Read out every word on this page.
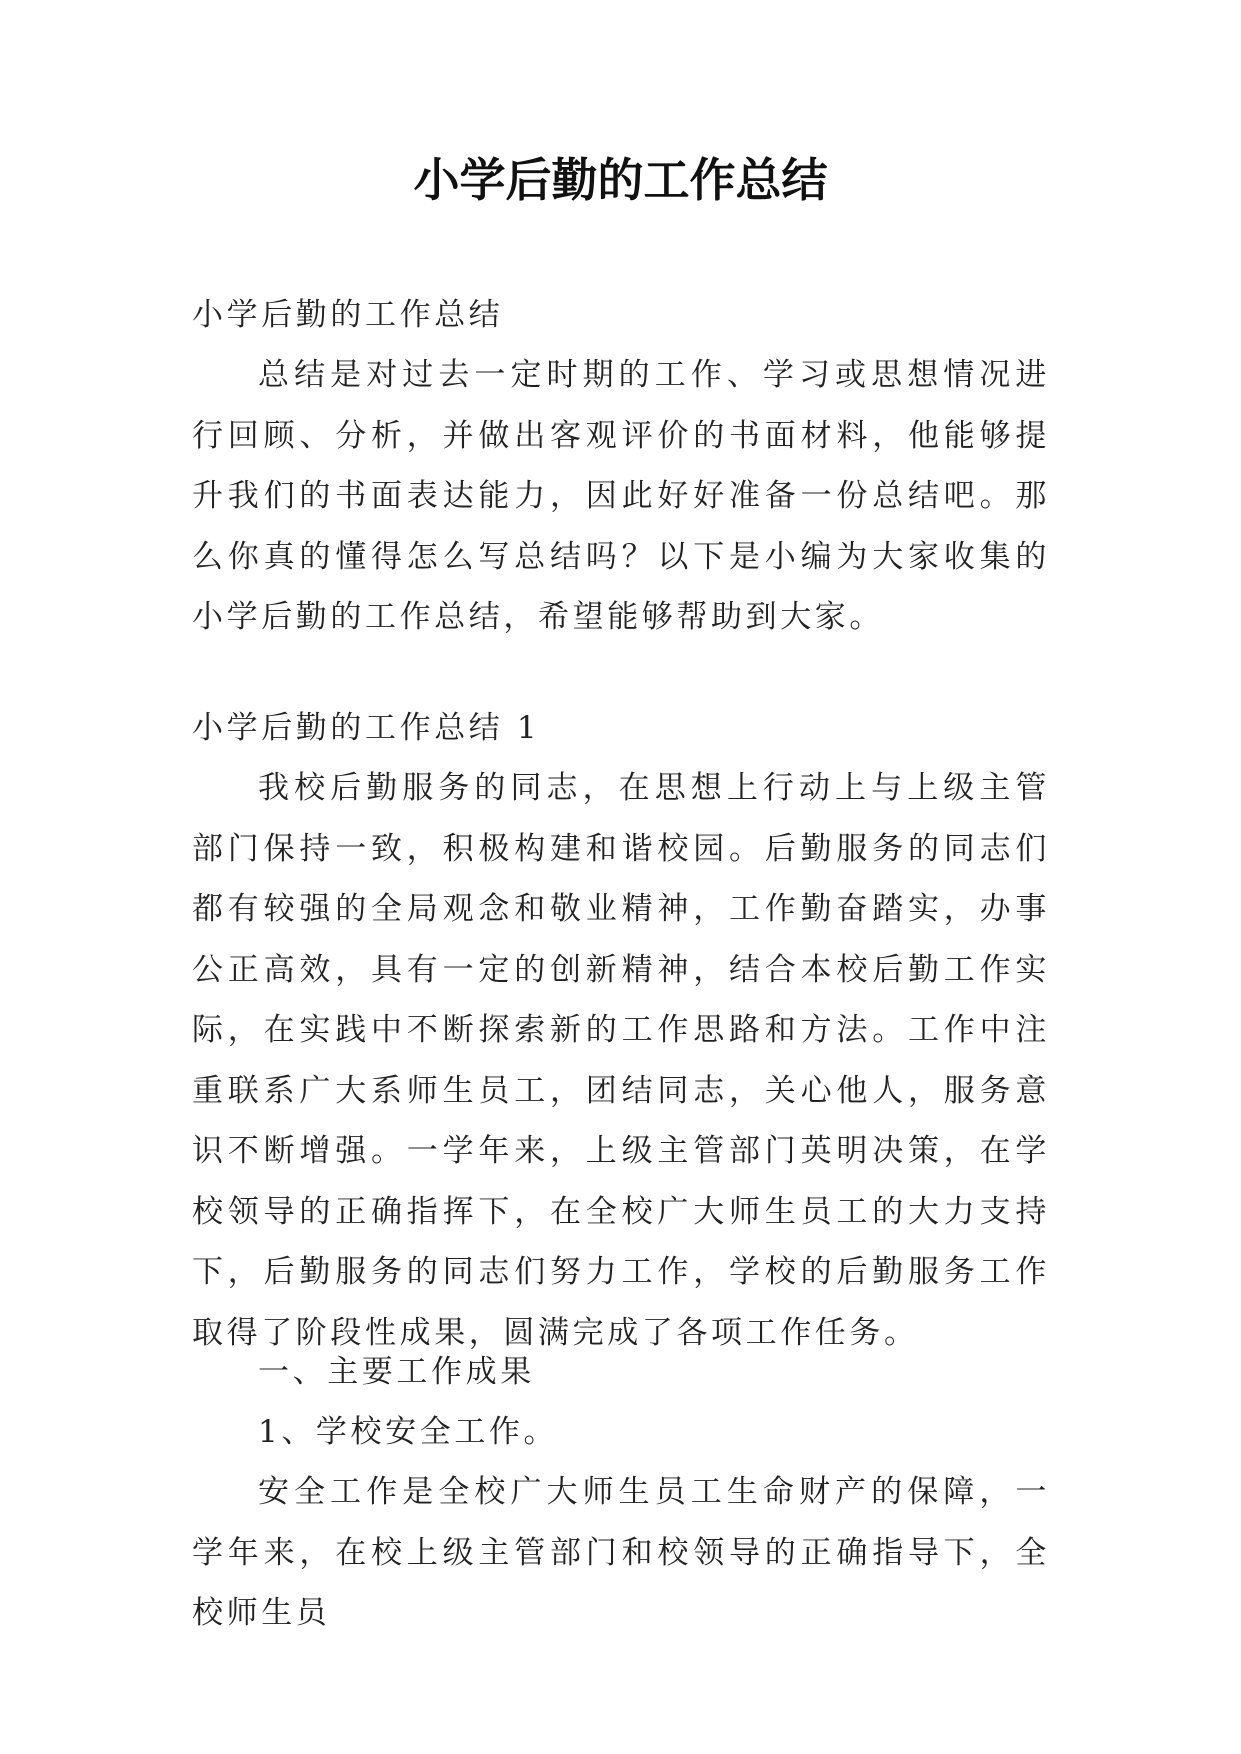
小学后勤的工作总结

小学后勤的工作总结

总结是对过去一定时期的工作、学习或思想情况进行回顾、分析，并做出客观评价的书面材料，他能够提升我们的书面表达能力，因此好好准备一份总结吧。那么你真的懂得怎么写总结吗？以下是小编为大家收集的小学后勤的工作总结，希望能够帮助到大家。

小学后勤的工作总结 1

我校后勤服务的同志，在思想上行动上与上级主管部门保持一致，积极构建和谐校园。后勤服务的同志们都有较强的全局观念和敬业精神，工作勤奋踏实，办事公正高效，具有一定的创新精神，结合本校后勤工作实际，在实践中不断探索新的工作思路和方法。工作中注重联系广大系师生员工，团结同志，关心他人，服务意识不断增强。一学年来，上级主管部门英明决策，在学校领导的正确指挥下，在全校广大师生员工的大力支持下，后勤服务的同志们努力工作，学校的后勤服务工作取得了阶段性成果，圆满完成了各项工作任务。

一、主要工作成果

1、学校安全工作。

安全工作是全校广大师生员工生命财产的保障，一学年来，在校上级主管部门和校领导的正确指导下，全校师生员
